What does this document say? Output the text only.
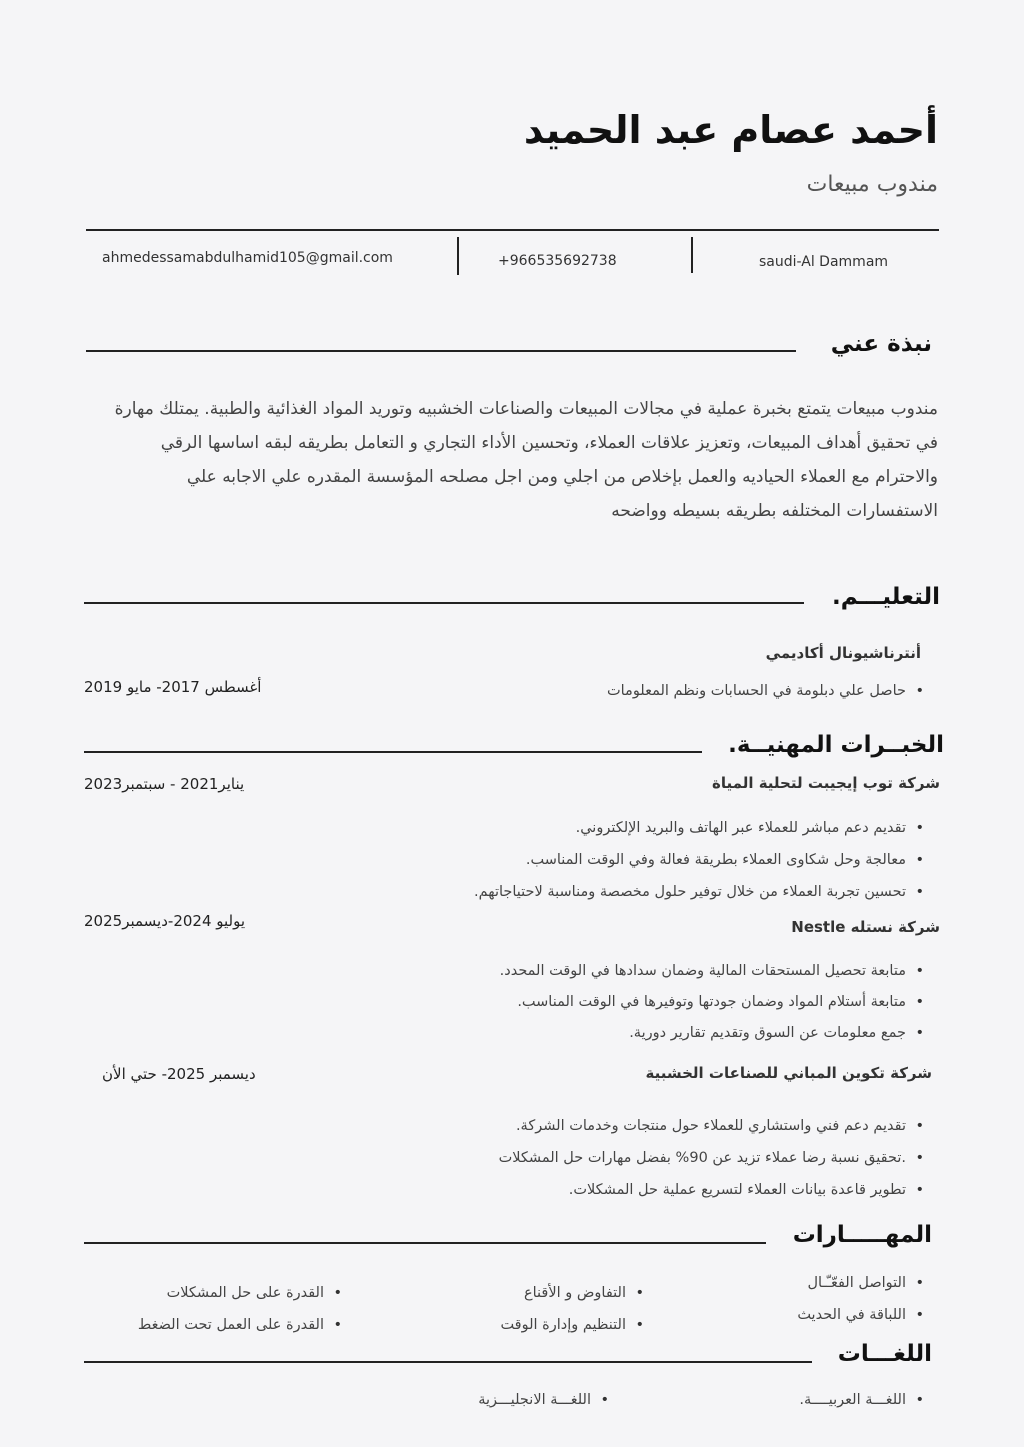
أحمد عصام عبد الحميد
مندوب مبيعات
ahmedessamabdulhamid105@gmail.com	+966535692738	saudi-Al Dammam
نبذة عني
مندوب مبيعات يتمتع بخبرة عملية في مجالات المبيعات والصناعات الخشبيه وتوريد المواد الغذائية والطبية. يمتلك مهارة في تحقيق أهداف المبيعات، وتعزيز علاقات العملاء، وتحسين الأداء التجاري و التعامل بطريقه لبقه اساسها الرقي والاحترام مع العملاء الحياديه والعمل بإخلاص من اجلي ومن اجل مصلحه المؤسسة المقدره علي الاجابه علي الاستفسارات المختلفه بطريقه بسيطه وواضحه
التعليـــم.
أنترناشيونال أكاديمي
أغسطس 2017- مايو 2019	• حاصل علي دبلومة في الحسابات ونظم المعلومات
الخبــرات المهنيــة.
شركة توب إيجيبت لتحلية المياة
يناير2021 - سبتمبر2023
• تقديم دعم مباشر للعملاء عبر الهاتف والبريد الإلكتروني.
• معالجة وحل شكاوى العملاء بطريقة فعالة وفي الوقت المناسب.
• تحسين تجربة العملاء من خلال توفير حلول مخصصة ومناسبة لاحتياجاتهم.
شركة نستله Nestle
يوليو 2024-ديسمبر2025
• متابعة تحصيل المستحقات المالية وضمان سدادها في الوقت المحدد.
• متابعة أستلام المواد وضمان جودتها وتوفيرها في الوقت المناسب.
• جمع معلومات عن السوق وتقديم تقارير دورية.
شركة تكوين المباني للصناعات الخشبية
ديسمبر 2025- حتي الأن
• تقديم دعم فني واستشاري للعملاء حول منتجات وخدمات الشركة.
• .تحقيق نسبة رضا عملاء تزيد عن 90% بفضل مهارات حل المشكلات
• تطوير قاعدة بيانات العملاء لتسريع عملية حل المشكلات.
المهـــــارات
• التواصل الفعّـّـال
• اللباقة في الحديث
• التفاوض و الأقناع
• التنظيم وإدارة الوقت
• القدرة على حل المشكلات
• القدرة على العمل تحت الضغط
اللغـــات
• اللغـــة العربيــــة.
• اللغـــة الانجليـــزية
